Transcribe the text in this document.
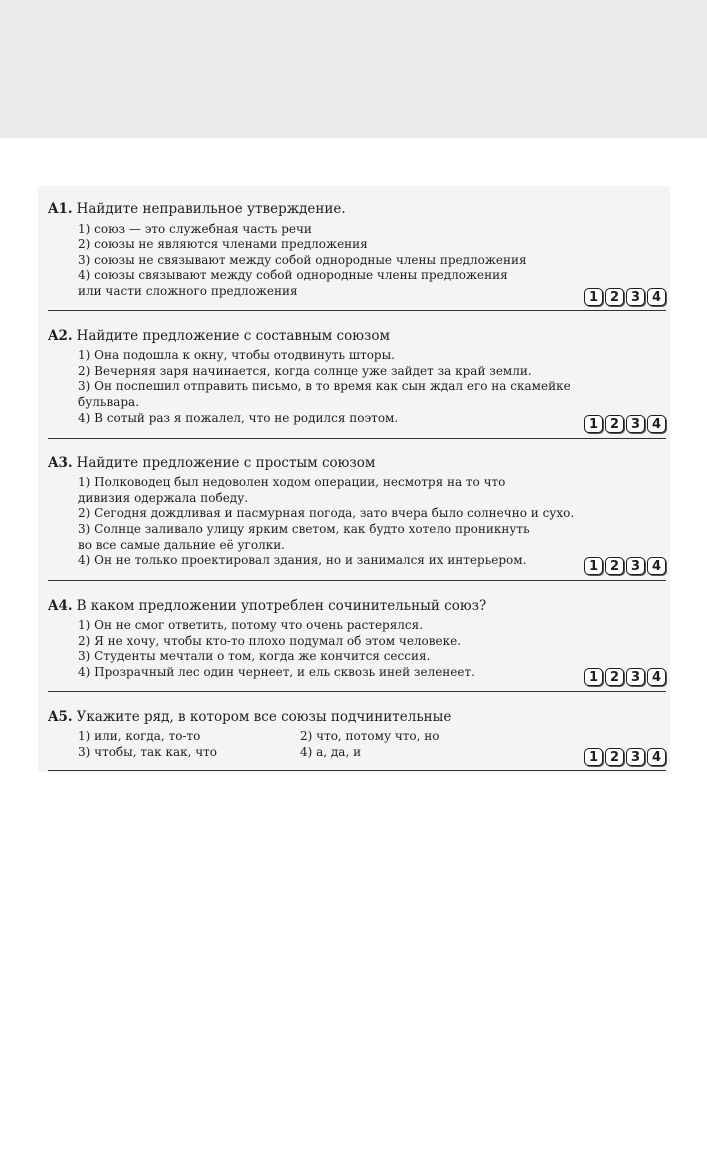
A1. Найдите неправильное утверждение.
1) союз — это служебная часть речи
2) союзы не являются членами предложения
3) союзы не связывают между собой однородные члены предложения
4) союзы связывают между собой однородные члены предложения
или части сложного предложения	1 2 3 4
A2. Найдите предложение с составным союзом
1) Она подошла к окну, чтобы отодвинуть шторы.
2) Вечерняя заря начинается, когда солнце уже зайдет за край земли.
3) Он поспешил отправить письмо, в то время как сын ждал его на скамейке
бульвара.
4) В сотый раз я пожалел, что не родился поэтом.	1 2 3 4
A3. Найдите предложение с простым союзом
1) Полководец был недоволен ходом операции, несмотря на то что
дивизия одержала победу.
2) Сегодня дождливая и пасмурная погода, зато вчера было солнечно и сухо.
3) Солнце заливало улицу ярким светом, как будто хотело проникнуть
во все самые дальние её уголки.
4) Он не только проектировал здания, но и занимался их интерьером.	1 2 3 4
A4. В каком предложении употреблен сочинительный союз?
1) Он не смог ответить, потому что очень растерялся.
2) Я не хочу, чтобы кто-то плохо подумал об этом человеке.
3) Студенты мечтали о том, когда же кончится сессия.
4) Прозрачный лес один чернеет, и ель сквозь иней зеленеет.	1 2 3 4
A5. Укажите ряд, в котором все союзы подчинительные
1) или, когда, то-то	2) что, потому что, но
3) чтобы, так как, что	4) а, да, и	1 2 3 4
